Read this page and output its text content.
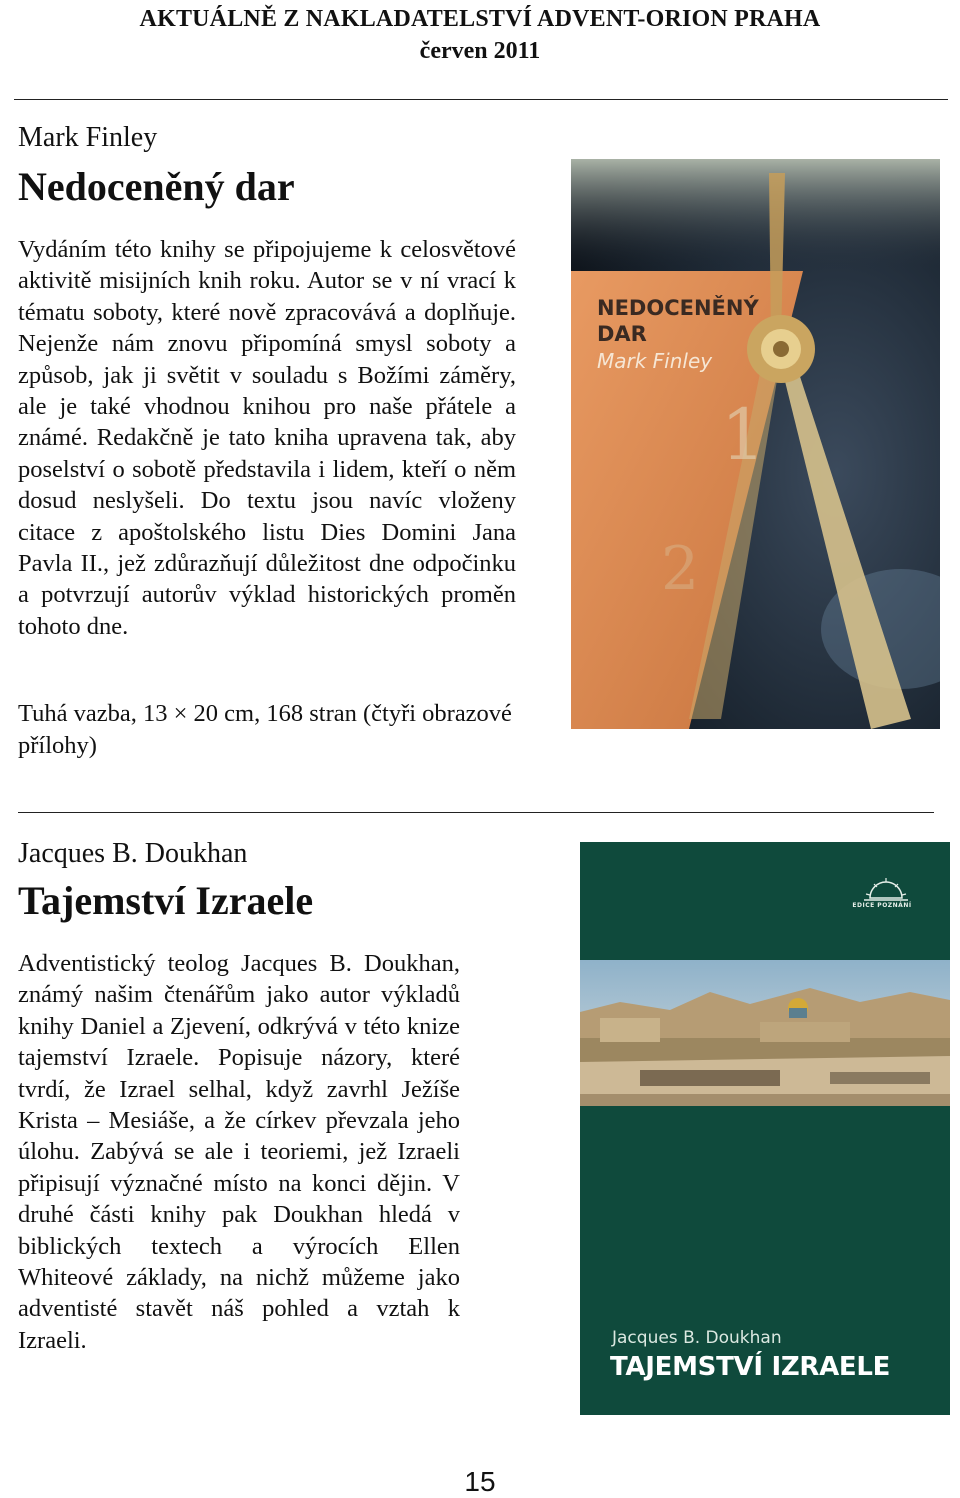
AKTUÁLNĚ Z NAKLADATELSTVÍ ADVENT-ORION PRAHA
červen 2011
Mark Finley
Nedoceněný dar

Vydáním této knihy se připojujeme k celosvětové aktivitě misijních knih roku. Autor se v ní vrací k tématu soboty, které nově zpracovává a doplňuje. Nejenže nám znovu připomíná smysl soboty a způsob, jak ji světit v souladu s Božími záměry, ale je také vhodnou knihou pro naše přátele a známé. Redakčně je tato kniha upravena tak, aby poselství o sobotě představila i lidem, kteří o něm dosud neslyšeli. Do textu jsou navíc vloženy citace z apoštolského listu Dies Domini Jana Pavla II., jež zdůrazňují důležitost dne odpočinku a potvrzují autorův výklad historických proměn tohoto dne.

Tuhá vazba, 13 × 20 cm, 168 stran (čtyři obrazové přílohy)

1
2
NEDOCENĚNÝ DAR
Mark Finley
Jacques B. Doukhan
Tajemství Izraele

Adventistický teolog Jacques B. Doukhan, známý našim čtenářům jako autor výkladů knihy Daniel a Zjevení, odkrývá v této knize tajemství Izraele. Popisuje názory, které tvrdí, že Izrael selhal, když zavrhl Ježíše Krista – Mesiáše, a že církev převzala jeho úlohu. Zabývá se ale i teoriemi, jež Izraeli připisují význačné místo na konci dějin. V druhé části knihy pak Doukhan hledá v biblických textech a výrocích Ellen Whiteové základy, na nichž můžeme jako adventisté stavět náš pohled a vztah k Izraeli.

EDICE POZNÁNÍ
Jacques B. Doukhan
TAJEMSTVÍ IZRAELE
15
